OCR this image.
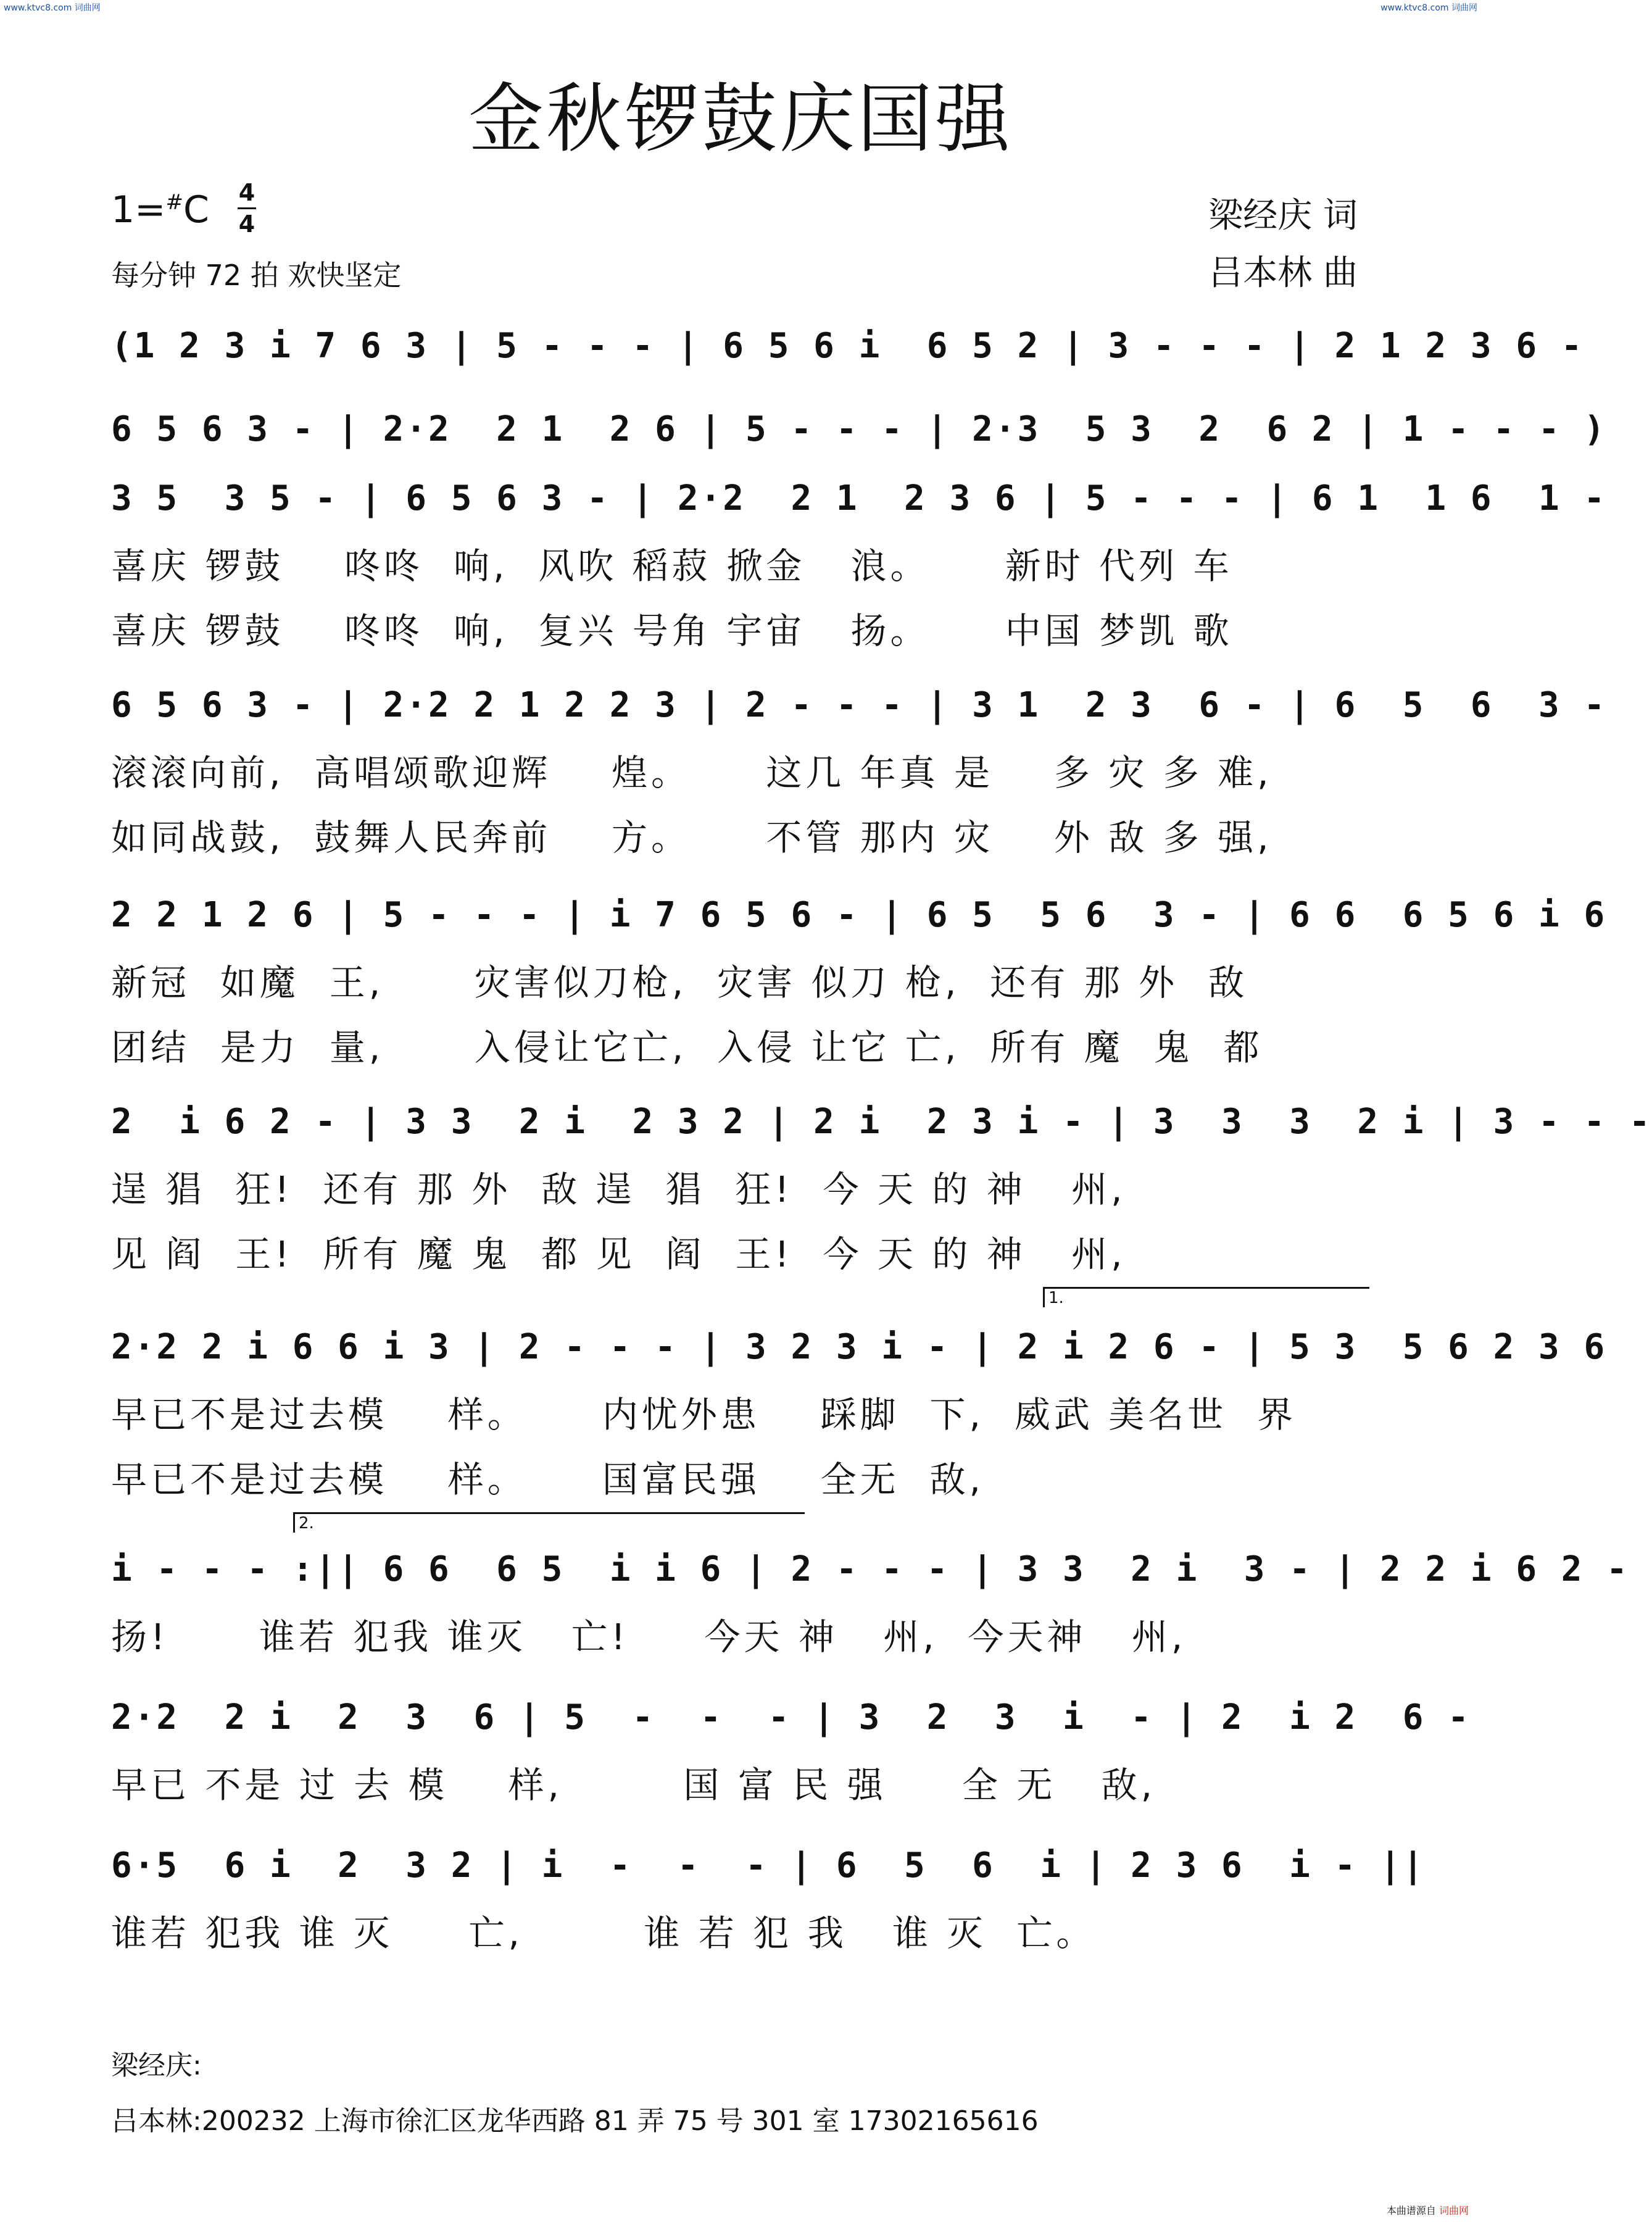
www.ktvc8.com 词曲网	www.ktvc8.com 词曲网
本曲谱源自 词曲网
金秋锣鼓庆国强
1=#C 4
4
每分钟 72 拍 欢快坚定
梁经庆 词
吕本林 曲
(1 2 3 i 7 6 3 | 5 - - - | 6 5 6 i  6 5 2 | 3 - - - | 2 1 2 3 6 -
6 5 6 3 - | 2·2  2 1  2 6 | 5 - - - | 2·3  5 3  2  6 2 | 1 - - - )
3 5  3 5 - | 6 5 6 3 - | 2·2  2 1  2 3 6 | 5 - - - | 6 1  1 6  1 -
喜庆 锣鼓    咚咚  响,  风吹 稻菽 掀金   浪。     新时 代列 车
喜庆 锣鼓    咚咚  响,  复兴 号角 宇宙   扬。     中国 梦凯 歌
6 5 6 3 - | 2·2 2 1 2 2 3 | 2 - - - | 3 1  2 3  6 - | 6  5  6  3 -
滚滚向前,  高唱颂歌迎辉    煌。     这几 年真 是    多 灾 多 难,
如同战鼓,  鼓舞人民奔前    方。     不管 那内 灾    外 敌 多 强,
2 2 1 2 6 | 5 - - - | i 7 6 5 6 - | 6 5  5 6  3 - | 6 6  6 5 6 i 6
新冠  如魔  王,      灾害似刀枪,  灾害 似刀 枪,  还有 那 外  敌
团结  是力  量,      入侵让它亡,  入侵 让它 亡,  所有 魔  鬼  都
2  i 6 2 - | 3 3  2 i  2 3 2 | 2 i  2 3 i - | 3  3  3  2 i | 3 - - -
逞 猖  狂!  还有 那 外  敌 逞  猖  狂!  今 天 的 神   州,
见 阎  王!  所有 魔 鬼  都 见  阎  王!  今 天 的 神   州,
1.
2·2 2 i 6 6 i 3 | 2 - - - | 3 2 3 i - | 2 i 2 6 - | 5 3  5 6 2 3 6
早已不是过去模    样。     内忧外患    踩脚  下,  威武 美名世  界
早已不是过去模    样。     国富民强    全无  敌,
2.
i - - - :|| 6 6  6 5  i i 6 | 2 - - - | 3 3  2 i  3 - | 2 2 i 6 2 -
扬!      谁若 犯我 谁灭   亡!     今天 神   州,  今天神   州,
2·2  2 i  2  3  6 | 5  -  -  - | 3  2  3  i  - | 2  i 2  6 -
早已 不是 过 去 模    样,        国 富 民 强     全 无   敌,
6·5  6 i  2  3 2 | i  -  -  - | 6  5  6  i | 2 3 6  i - ||
谁若 犯我 谁 灭     亡,        谁 若 犯 我   谁 灭  亡。
梁经庆:
吕本林:200232 上海市徐汇区龙华西路 81 弄 75 号 301 室 17302165616
